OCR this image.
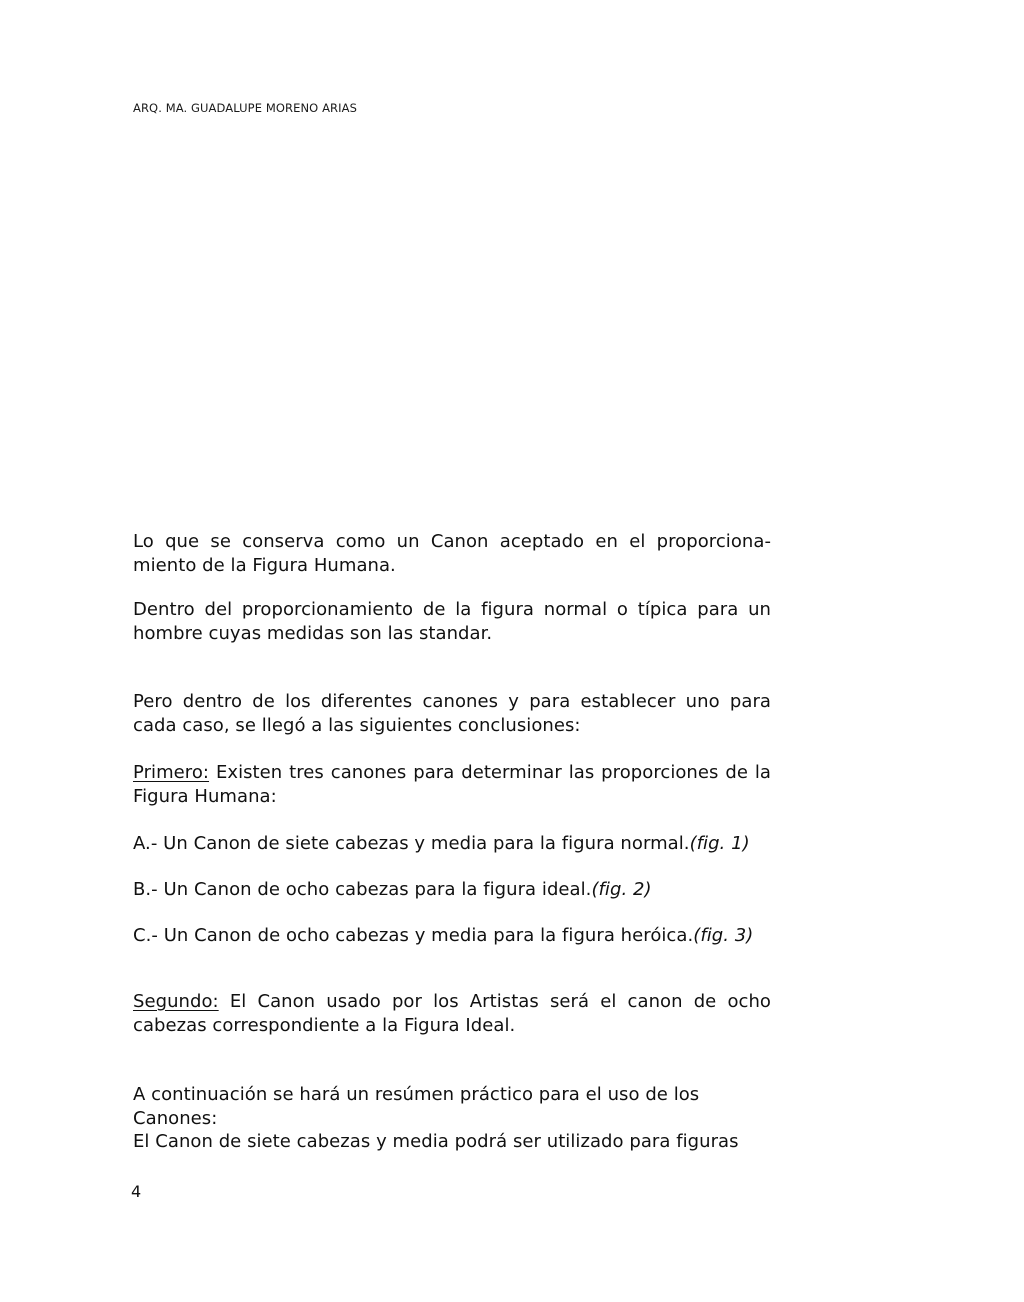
ARQ. MA. GUADALUPE MORENO ARIAS
Lo que se conserva como un Canon aceptado en el proporciona-miento de la Figura Humana.
Dentro del proporcionamiento de la figura normal o típica para un hombre cuyas medidas son las standar.
Pero dentro de los diferentes canones y para establecer uno para cada caso, se llegó a las siguientes conclusiones:
Primero: Existen tres canones para determinar las proporciones de la Figura Humana:
A.- Un Canon de siete cabezas y media para la figura normal.(fig. 1)
B.- Un Canon de ocho cabezas para la figura ideal.(fig. 2)
C.- Un Canon de ocho cabezas y media para la figura heróica.(fig. 3)
Segundo: El Canon usado por los Artistas será el canon de ocho cabezas correspondiente a la Figura Ideal.
A continuación se hará un resúmen práctico para el uso de los Canones:
El Canon de siete cabezas y media podrá ser utilizado para figuras
4
